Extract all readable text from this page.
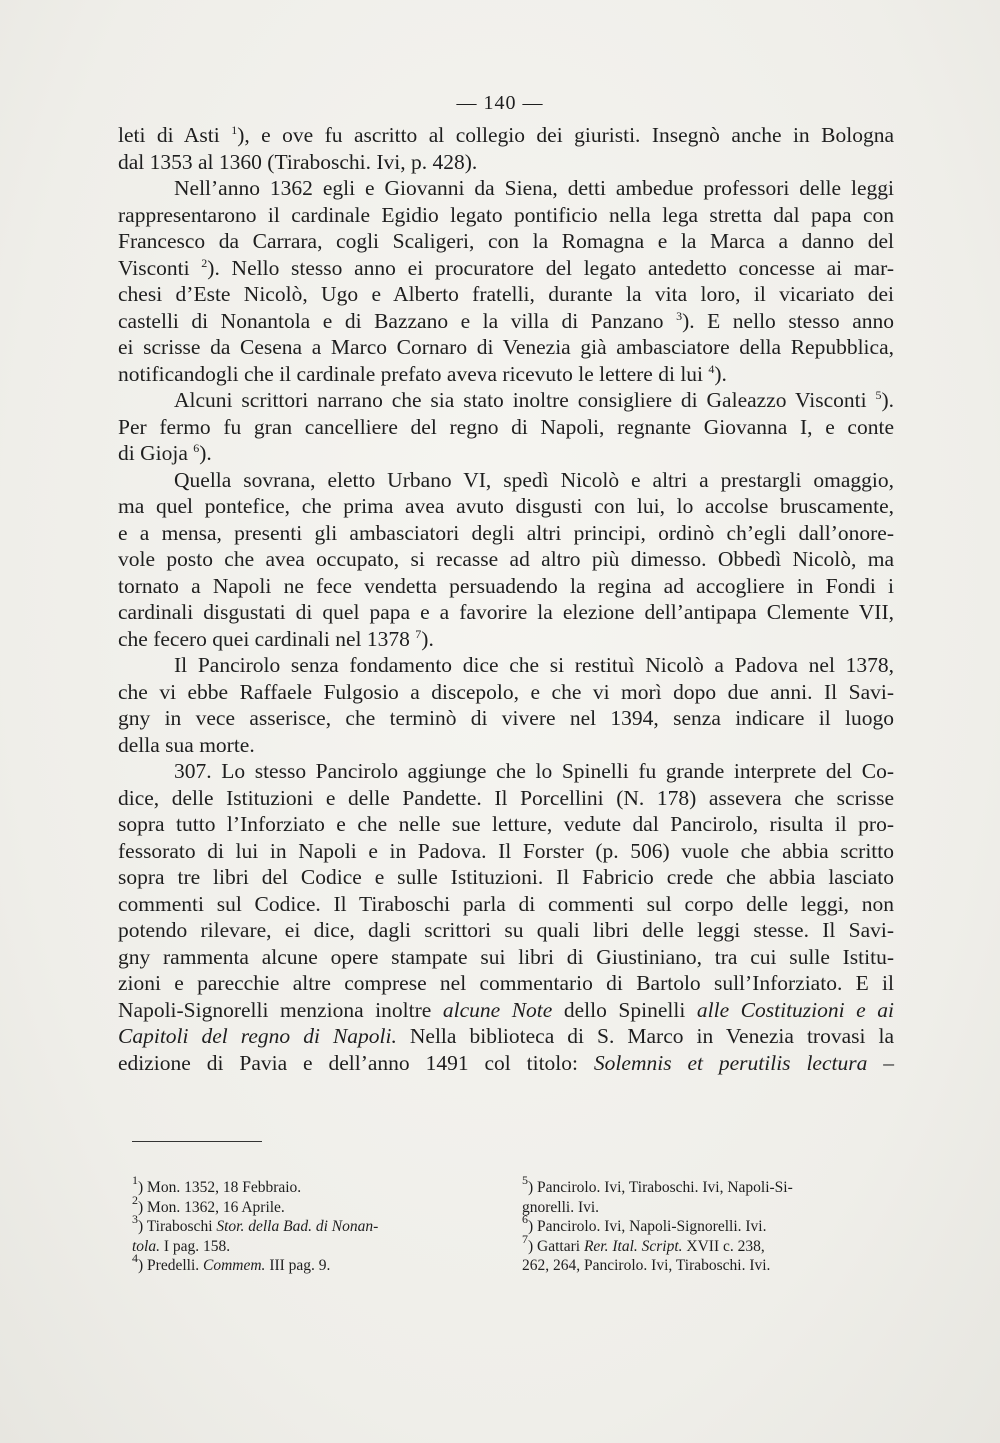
— 140 —
leti di Asti $^1$), e ove fu ascritto al collegio dei giuristi. Insegnò anche in Bologna
dal 1353 al 1360 (Tiraboschi. Ivi, p. 428).
Nell’anno 1362 egli e Giovanni da Siena, detti ambedue professori delle leggi
rappresentarono il cardinale Egidio legato pontificio nella lega stretta dal papa con
Francesco da Carrara, cogli Scaligeri, con la Romagna e la Marca a danno del
Visconti $^2$). Nello stesso anno ei procuratore del legato antedetto concesse ai mar-
chesi d’Este Nicolò, Ugo e Alberto fratelli, durante la vita loro, il vicariato dei
castelli di Nonantola e di Bazzano e la villa di Panzano $^3$). E nello stesso anno
ei scrisse da Cesena a Marco Cornaro di Venezia già ambasciatore della Repubblica,
notificandogli che il cardinale prefato aveva ricevuto le lettere di lui $^4$).
Alcuni scrittori narrano che sia stato inoltre consigliere di Galeazzo Visconti $^5$).
Per fermo fu gran cancelliere del regno di Napoli, regnante Giovanna I, e conte
di Gioja $^6$).
Quella sovrana, eletto Urbano VI, spedì Nicolò e altri a prestargli omaggio,
ma quel pontefice, che prima avea avuto disgusti con lui, lo accolse bruscamente,
e a mensa, presenti gli ambasciatori degli altri principi, ordinò ch’egli dall’onore-
vole posto che avea occupato, si recasse ad altro più dimesso. Obbedì Nicolò, ma
tornato a Napoli ne fece vendetta persuadendo la regina ad accogliere in Fondi i
cardinali disgustati di quel papa e a favorire la elezione dell’antipapa Clemente VII,
che fecero quei cardinali nel 1378 $^7$).
Il Pancirolo senza fondamento dice che si restituì Nicolò a Padova nel 1378,
che vi ebbe Raffaele Fulgosio a discepolo, e che vi morì dopo due anni. Il Savi-
gny in vece asserisce, che terminò di vivere nel 1394, senza indicare il luogo
della sua morte.
307. Lo stesso Pancirolo aggiunge che lo Spinelli fu grande interprete del Co-
dice, delle Istituzioni e delle Pandette. Il Porcellini (N. 178) assevera che scrisse
sopra tutto l’Inforziato e che nelle sue letture, vedute dal Pancirolo, risulta il pro-
fessorato di lui in Napoli e in Padova. Il Forster (p. 506) vuole che abbia scritto
sopra tre libri del Codice e sulle Istituzioni. Il Fabricio crede che abbia lasciato
commenti sul Codice. Il Tiraboschi parla di commenti sul corpo delle leggi, non
potendo rilevare, ei dice, dagli scrittori su quali libri delle leggi stesse. Il Savi-
gny rammenta alcune opere stampate sui libri di Giustiniano, tra cui sulle Istitu-
zioni e parecchie altre comprese nel commentario di Bartolo sull’Inforziato. E il
Napoli-Signorelli menziona inoltre alcune Note dello Spinelli alle Costituzioni e ai
Capitoli del regno di Napoli. Nella biblioteca di S. Marco in Venezia trovasi la
edizione di Pavia e dell’anno 1491 col titolo: Solemnis et perutilis lectura –
$^1$) Mon. 1352, 18 Febbraio.
$^2$) Mon. 1362, 16 Aprile.
$^3$) Tiraboschi Stor. della Bad. di Nonan-
tola. I pag. 158.
$^4$) Predelli. Commem. III pag. 9.
$^5$) Pancirolo. Ivi, Tiraboschi. Ivi, Napoli-Si-
gnorelli. Ivi.
$^6$) Pancirolo. Ivi, Napoli-Signorelli. Ivi.
$^7$) Gattari Rer. Ital. Script. XVII c. 238,
262, 264, Pancirolo. Ivi, Tiraboschi. Ivi.
